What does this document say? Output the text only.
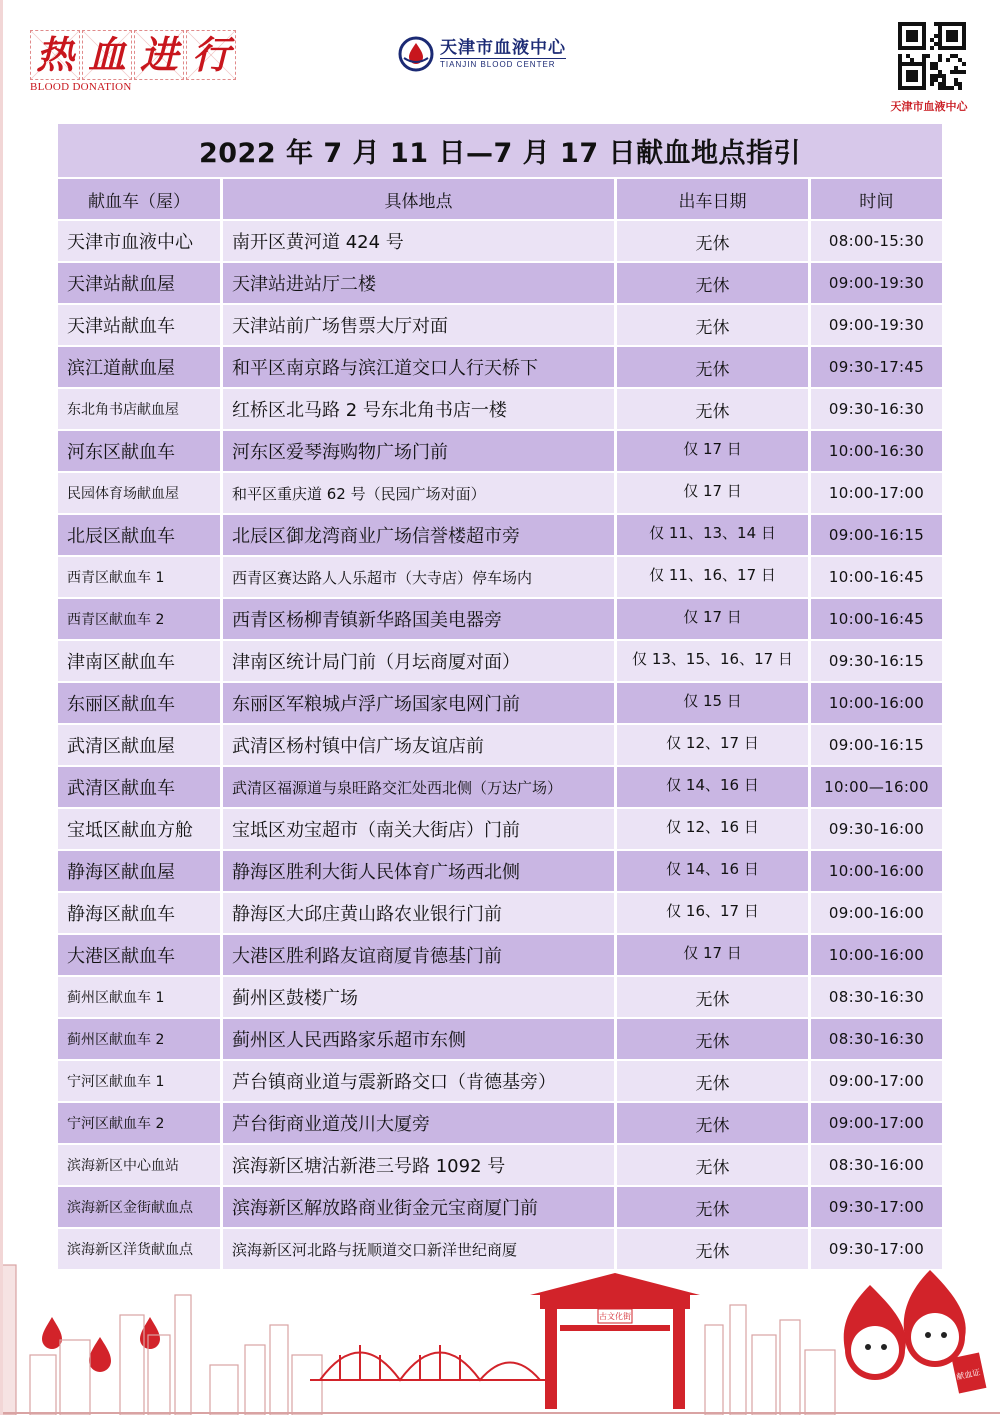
热 血 进 行
BLOOD DONATION
天津市血液中心
TIANJIN BLOOD CENTER
天津市血液中心
2022 年 7 月 11 日—7 月 17 日献血地点指引
献血车（屋）	具体地点	出车日期	时间
天津市血液中心	南开区黄河道 424 号	无休	08:00-15:30
天津站献血屋	天津站进站厅二楼	无休	09:00-19:30
天津站献血车	天津站前广场售票大厅对面	无休	09:00-19:30
滨江道献血屋	和平区南京路与滨江道交口人行天桥下	无休	09:30-17:45
东北角书店献血屋	红桥区北马路 2 号东北角书店一楼	无休	09:30-16:30
河东区献血车	河东区爱琴海购物广场门前	仅 17 日	10:00-16:30
民园体育场献血屋	和平区重庆道 62 号（民园广场对面）	仅 17 日	10:00-17:00
北辰区献血车	北辰区御龙湾商业广场信誉楼超市旁	仅 11、13、14 日	09:00-16:15
西青区献血车 1	西青区赛达路人人乐超市（大寺店）停车场内	仅 11、16、17 日	10:00-16:45
西青区献血车 2	西青区杨柳青镇新华路国美电器旁	仅 17 日	10:00-16:45
津南区献血车	津南区统计局门前（月坛商厦对面）	仅 13、15、16、17 日	09:30-16:15
东丽区献血车	东丽区军粮城卢浮广场国家电网门前	仅 15 日	10:00-16:00
武清区献血屋	武清区杨村镇中信广场友谊店前	仅 12、17 日	09:00-16:15
武清区献血车	武清区福源道与泉旺路交汇处西北侧（万达广场）	仅 14、16 日	10:00—16:00
宝坻区献血方舱	宝坻区劝宝超市（南关大街店）门前	仅 12、16 日	09:30-16:00
静海区献血屋	静海区胜利大街人民体育广场西北侧	仅 14、16 日	10:00-16:00
静海区献血车	静海区大邱庄黄山路农业银行门前	仅 16、17 日	09:00-16:00
大港区献血车	大港区胜利路友谊商厦肯德基门前	仅 17 日	10:00-16:00
蓟州区献血车 1	蓟州区鼓楼广场	无休	08:30-16:30
蓟州区献血车 2	蓟州区人民西路家乐超市东侧	无休	08:30-16:30
宁河区献血车 1	芦台镇商业道与震新路交口（肯德基旁）	无休	09:00-17:00
宁河区献血车 2	芦台街商业道茂川大厦旁	无休	09:00-17:00
滨海新区中心血站	滨海新区塘沽新港三号路 1092 号	无休	08:30-16:00
滨海新区金街献血点	滨海新区解放路商业街金元宝商厦门前	无休	09:30-17:00
滨海新区洋货献血点	滨海新区河北路与抚顺道交口新洋世纪商厦	无休	09:30-17:00
古文化街
献血证
